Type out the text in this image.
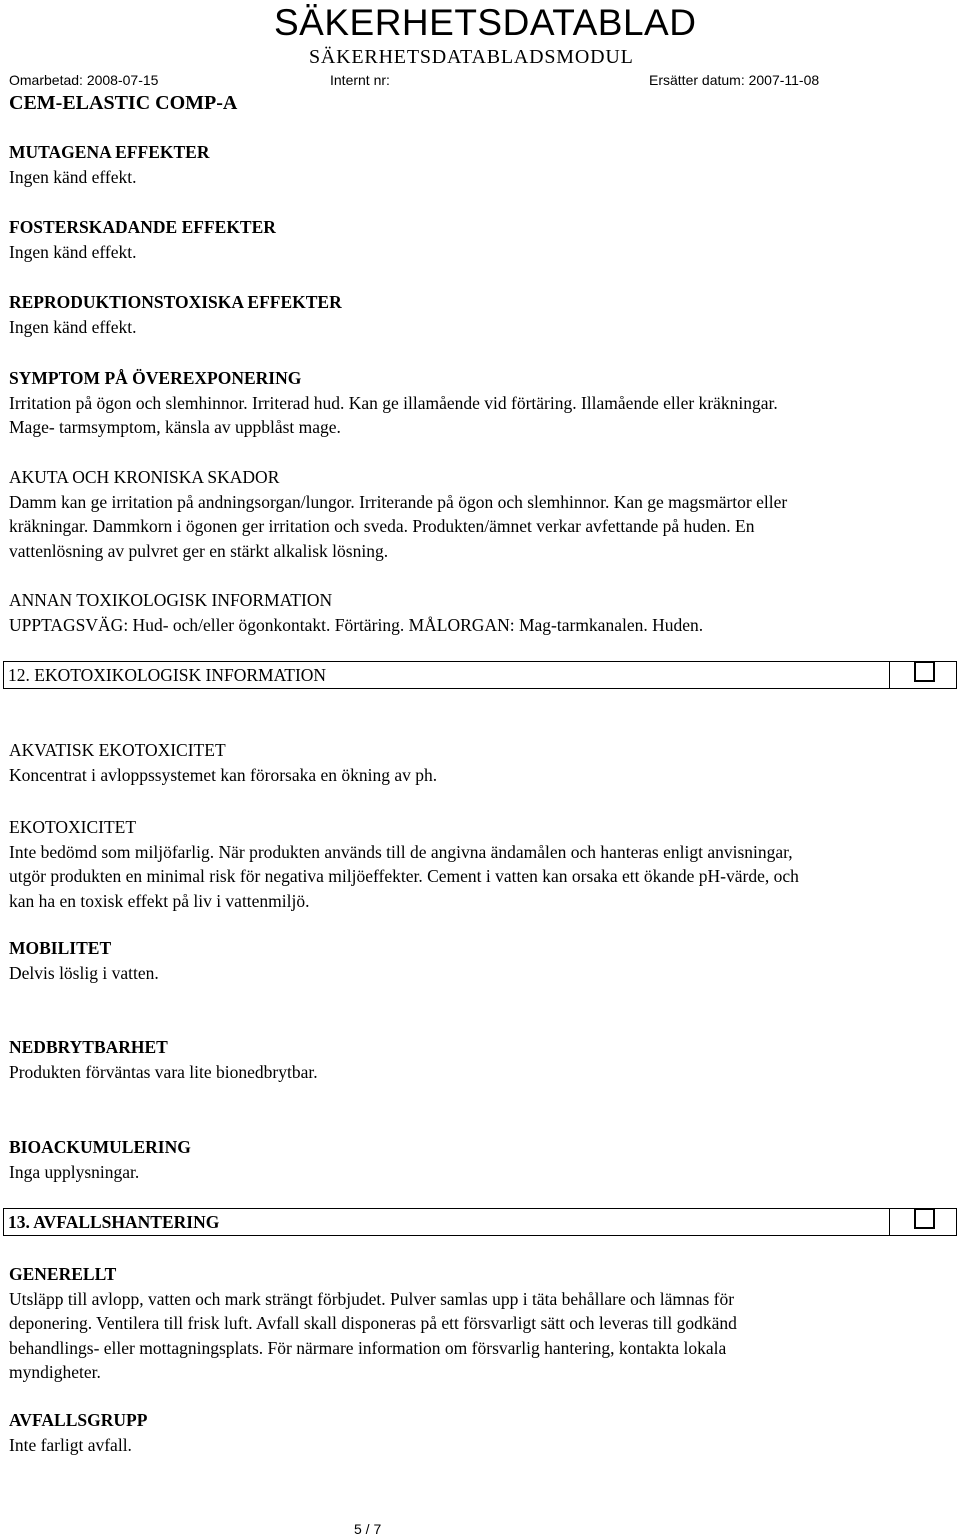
SÄKERHETSDATABLAD
SÄKERHETSDATABLADSMODUL
Omarbetad: 2008-07-15	Internt nr:	Ersätter datum: 2007-11-08
CEM-ELASTIC COMP-A
MUTAGENA EFFEKTER

Ingen känd effekt.

FOSTERSKADANDE EFFEKTER

Ingen känd effekt.

REPRODUKTIONSTOXISKA EFFEKTER

Ingen känd effekt.

SYMPTOM PÅ ÖVEREXPONERING

Irritation på ögon och slemhinnor. Irriterad hud. Kan ge illamående vid förtäring. Illamående eller kräkningar.

Mage- tarmsymptom, känsla av uppblåst mage.

AKUTA OCH KRONISKA SKADOR

Damm kan ge irritation på andningsorgan/lungor. Irriterande på ögon och slemhinnor. Kan ge magsmärtor eller

kräkningar. Dammkorn i ögonen ger irritation och sveda. Produkten/ämnet verkar avfettande på huden. En

vattenlösning av pulvret ger en stärkt alkalisk lösning.

ANNAN TOXIKOLOGISK INFORMATION

UPPTAGSVÄG: Hud- och/eller ögonkontakt. Förtäring. MÅLORGAN: Mag-tarmkanalen. Huden.

12. EKOTOXIKOLOGISK INFORMATION
AKVATISK EKOTOXICITET

Koncentrat i avloppssystemet kan förorsaka en ökning av ph.

EKOTOXICITET

Inte bedömd som miljöfarlig. När produkten används till de angivna ändamålen och hanteras enligt anvisningar,

utgör produkten en minimal risk för negativa miljöeffekter. Cement i vatten kan orsaka ett ökande pH-värde, och

kan ha en toxisk effekt på liv i vattenmiljö.

MOBILITET

Delvis löslig i vatten.

NEDBRYTBARHET

Produkten förväntas vara lite bionedbrytbar.

BIOACKUMULERING

Inga upplysningar.

13. AVFALLSHANTERING
GENERELLT

Utsläpp till avlopp, vatten och mark strängt förbjudet. Pulver samlas upp i täta behållare och lämnas för

deponering. Ventilera till frisk luft. Avfall skall disponeras på ett försvarligt sätt och leveras till godkänd

behandlings- eller mottagningsplats. För närmare information om försvarlig hantering, kontakta lokala

myndigheter.

AVFALLSGRUPP

Inte farligt avfall.

5 / 7
